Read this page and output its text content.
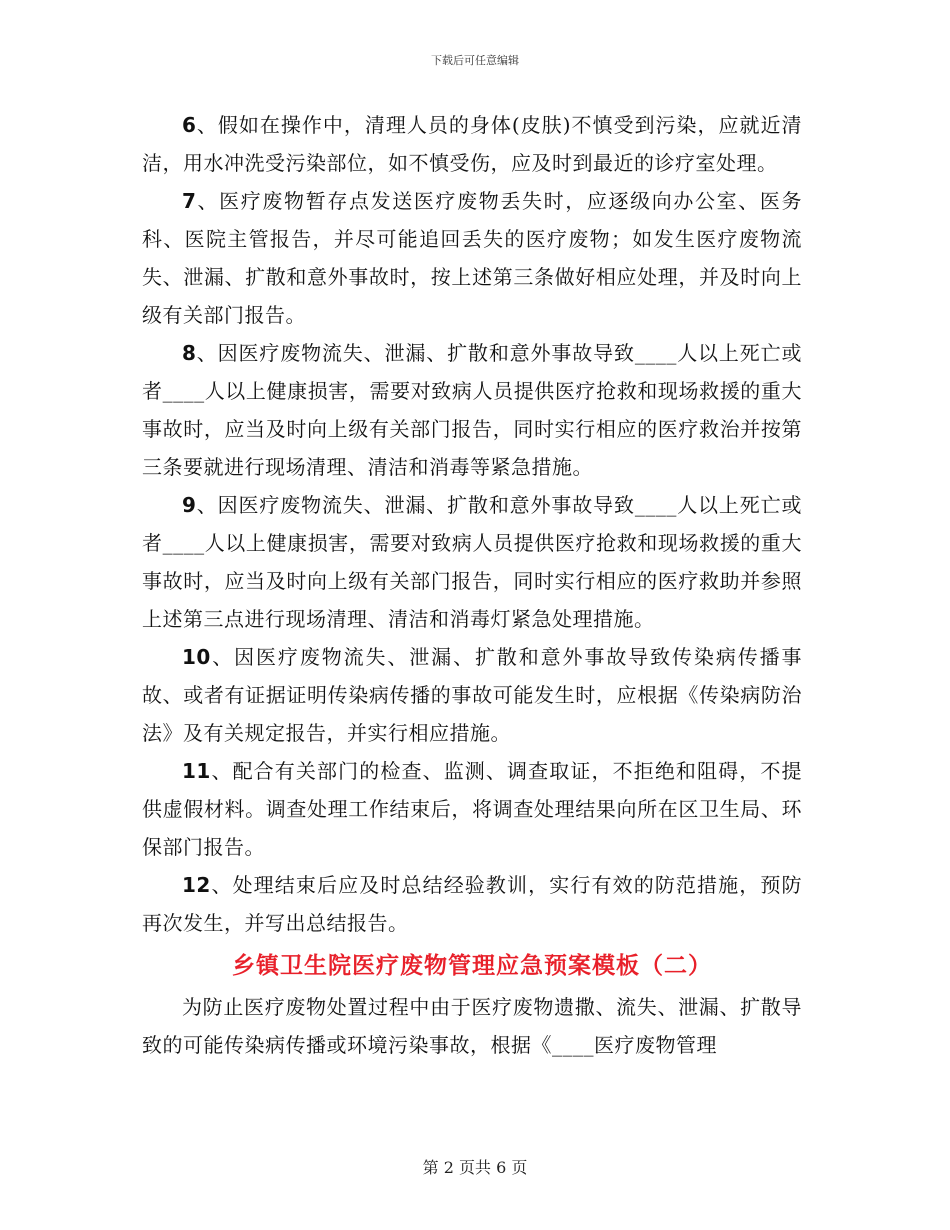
下载后可任意编辑

6、假如在操作中，清理人员的身体(皮肤)不慎受到污染，应就近清洁，用水冲洗受污染部位，如不慎受伤，应及时到最近的诊疗室处理。

7、医疗废物暂存点发送医疗废物丢失时，应逐级向办公室、医务科、医院主管报告，并尽可能追回丢失的医疗废物；如发生医疗废物流失、泄漏、扩散和意外事故时，按上述第三条做好相应处理，并及时向上级有关部门报告。

8、因医疗废物流失、泄漏、扩散和意外事故导致____人以上死亡或者____人以上健康损害，需要对致病人员提供医疗抢救和现场救援的重大事故时，应当及时向上级有关部门报告，同时实行相应的医疗救治并按第三条要就进行现场清理、清洁和消毒等紧急措施。

9、因医疗废物流失、泄漏、扩散和意外事故导致____人以上死亡或者____人以上健康损害，需要对致病人员提供医疗抢救和现场救援的重大事故时，应当及时向上级有关部门报告，同时实行相应的医疗救助并参照上述第三点进行现场清理、清洁和消毒灯紧急处理措施。

10、因医疗废物流失、泄漏、扩散和意外事故导致传染病传播事故、或者有证据证明传染病传播的事故可能发生时，应根据《传染病防治法》及有关规定报告，并实行相应措施。

11、配合有关部门的检查、监测、调查取证，不拒绝和阻碍，不提供虚假材料。调查处理工作结束后，将调查处理结果向所在区卫生局、环保部门报告。

12、处理结束后应及时总结经验教训，实行有效的防范措施，预防再次发生，并写出总结报告。

乡镇卫生院医疗废物管理应急预案模板（二）

为防止医疗废物处置过程中由于医疗废物遗撒、流失、泄漏、扩散导致的可能传染病传播或环境污染事故，根据《____医疗废物管理

第 2 页共 6 页
